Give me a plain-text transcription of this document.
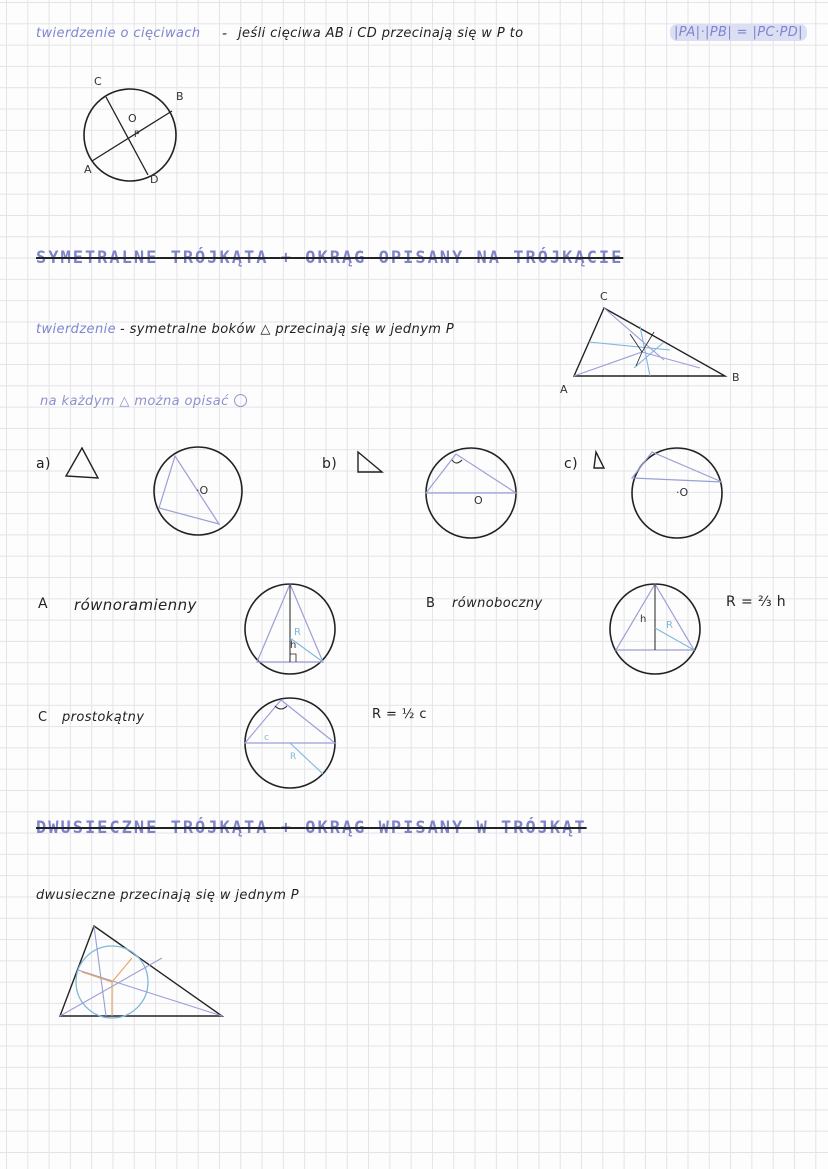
twierdzenie o cięciwach - jeśli cięciwa AB i CD przecinają się w P to	|PA|·|PB| = |PC·PD|
C
B
A
D
O
P
SYMETRALNE TRÓJKĄTA + OKRĄG OPISANY NA TRÓJKĄCIE
twierdzenie - symetralne boków △ przecinają się w jednym P
C
A
B
na każdym △ można opisać ○
a)
·O
b)
O
c)
·O
A równoramienny
R
h
B równoboczny
h
R
R = ⅔ h
C prostokątny
c
R
R = ½ c
DWUSIECZNE TRÓJKĄTA + OKRĄG WPISANY W TRÓJKĄT
dwusieczne przecinają się w jednym P
